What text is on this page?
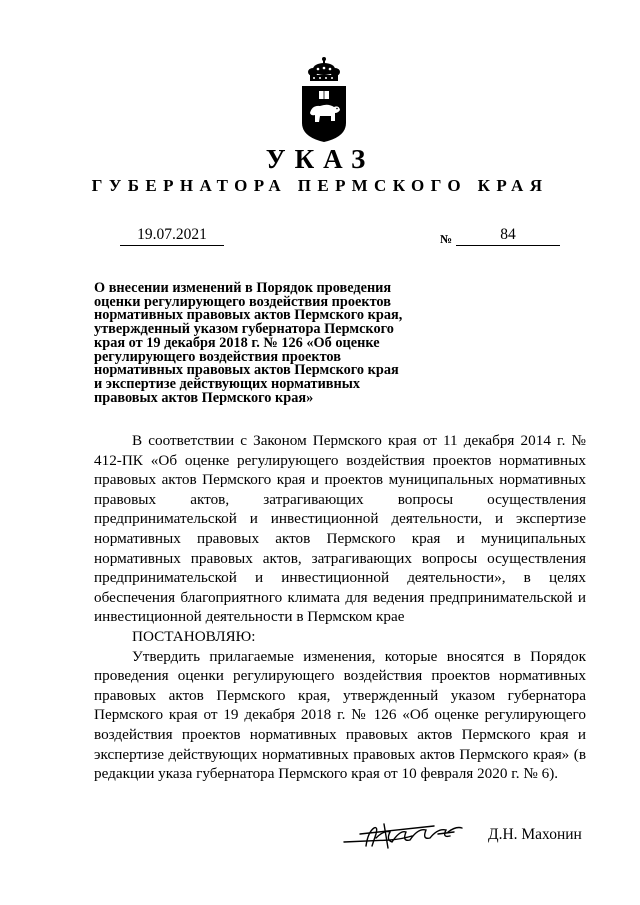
УКАЗ
ГУБЕРНАТОРА ПЕРМСКОГО КРАЯ
19.07.2021	№	84
О внесении изменений в Порядок проведения
оценки регулирующего воздействия проектов
нормативных правовых актов Пермского края,
утвержденный указом губернатора Пермского
края от 19 декабря 2018 г. № 126 «Об оценке
регулирующего воздействия проектов
нормативных правовых актов Пермского края
и экспертизе действующих нормативных
правовых актов Пермского края»

В соответствии с Законом Пермского края от 11 декабря 2014 г. № 412-ПК «Об оценке регулирующего воздействия проектов нормативных правовых актов Пермского края и проектов муниципальных нормативных правовых актов, затрагивающих вопросы осуществления предпринимательской и инвестиционной деятельности, и экспертизе нормативных правовых актов Пермского края и муниципальных нормативных правовых актов, затрагивающих вопросы осуществления предпринимательской и инвестиционной деятельности», в целях обеспечения благоприятного климата для ведения предпринимательской и инвестиционной деятельности в Пермском крае

ПОСТАНОВЛЯЮ:

Утвердить прилагаемые изменения, которые вносятся в Порядок проведения оценки регулирующего воздействия проектов нормативных правовых актов Пермского края, утвержденный указом губернатора Пермского края от 19 декабря 2018 г. № 126 «Об оценке регулирующего воздействия проектов нормативных правовых актов Пермского края и экспертизе действующих нормативных правовых актов Пермского края» (в редакции указа губернатора Пермского края от 10 февраля 2020 г. № 6).

Д.Н. Махонин
